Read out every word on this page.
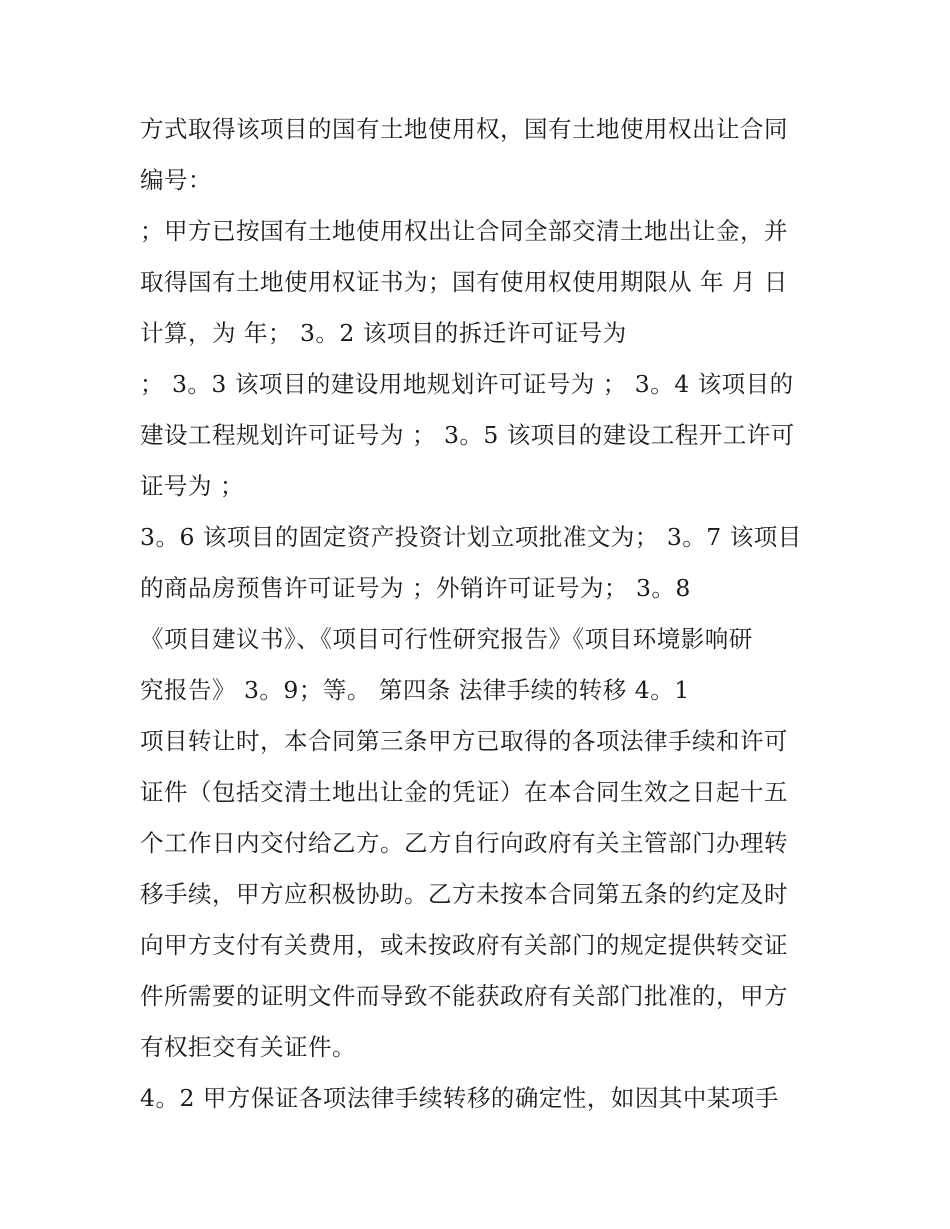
方式取得该项目的国有土地使用权，国有土地使用权出让合同
编号：
；甲方已按国有土地使用权出让合同全部交清土地出让金，并
取得国有土地使用权证书为；国有使用权使用期限从 年 月 日
计算，为 年； 3。2 该项目的拆迁许可证号为
； 3。3 该项目的建设用地规划许可证号为 ； 3。4 该项目的
建设工程规划许可证号为 ； 3。5 该项目的建设工程开工许可
证号为 ；
3。6 该项目的固定资产投资计划立项批准文为； 3。7 该项目
的商品房预售许可证号为 ；外销许可证号为； 3。8
《项目建议书》、《项目可行性研究报告》《项目环境影响研
究报告》 3。9；等。 第四条 法律手续的转移 4。1
项目转让时，本合同第三条甲方已取得的各项法律手续和许可
证件（包括交清土地出让金的凭证）在本合同生效之日起十五
个工作日内交付给乙方。乙方自行向政府有关主管部门办理转
移手续，甲方应积极协助。乙方未按本合同第五条的约定及时
向甲方支付有关费用，或未按政府有关部门的规定提供转交证
件所需要的证明文件而导致不能获政府有关部门批准的，甲方
有权拒交有关证件。
4。2 甲方保证各项法律手续转移的确定性，如因其中某项手
